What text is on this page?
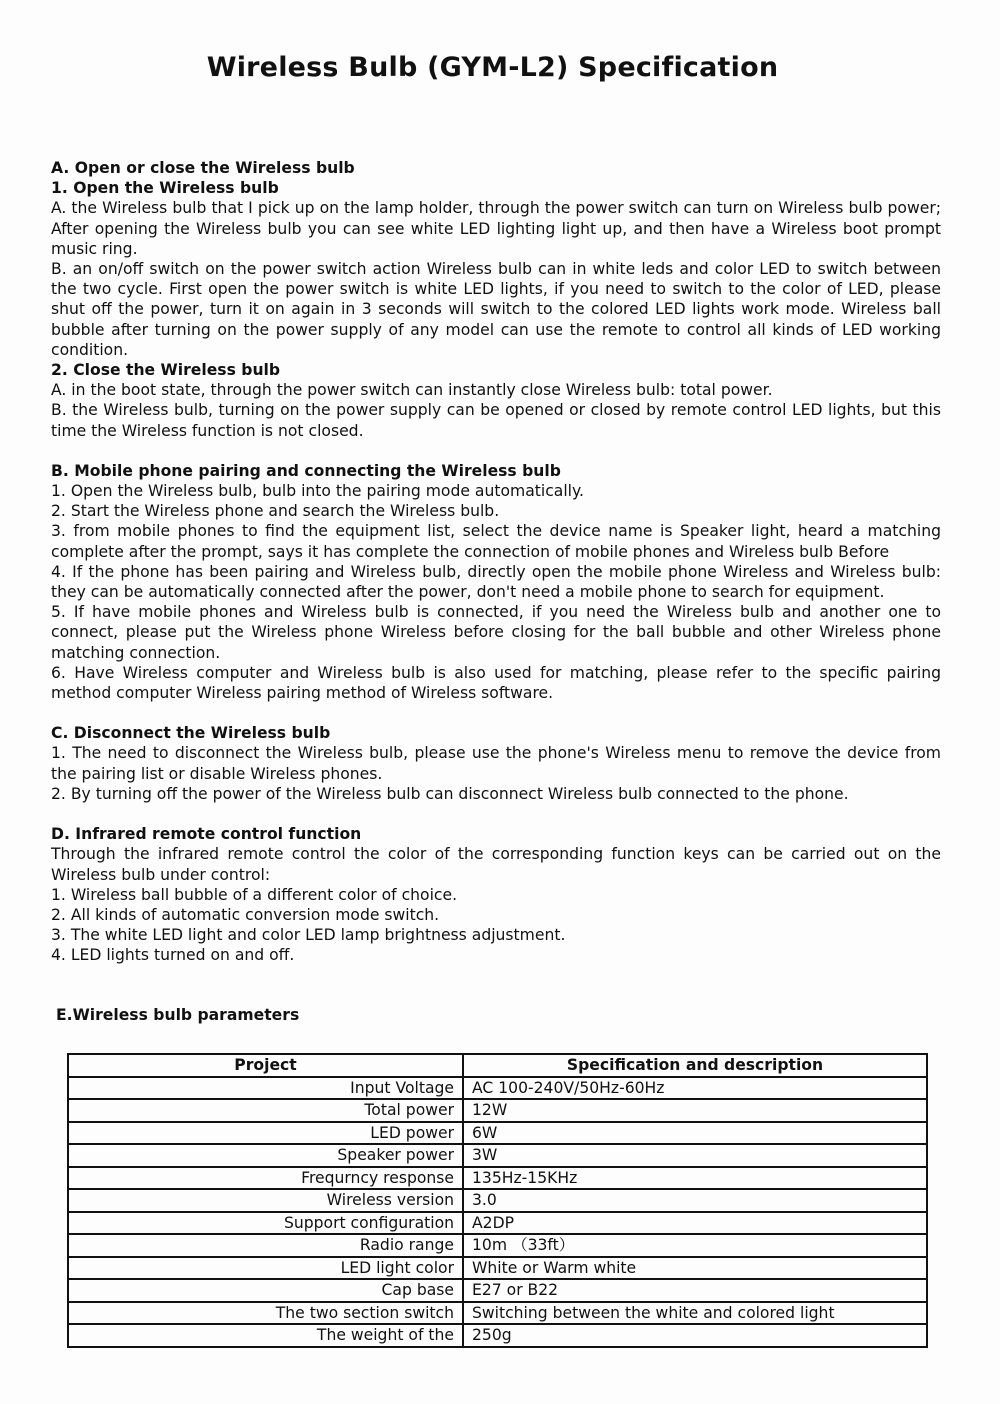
Wireless Bulb (GYM-L2) Specification

A. Open or close the Wireless bulb

1. Open the Wireless bulb

A. the Wireless bulb that I pick up on the lamp holder, through the power switch can turn on Wireless bulb power; After opening the Wireless bulb you can see white LED lighting light up, and then have a Wireless boot prompt music ring.

B. an on/off switch on the power switch action Wireless bulb can in white leds and color LED to switch between the two cycle. First open the power switch is white LED lights, if you need to switch to the color of LED, please shut off the power, turn it on again in 3 seconds will switch to the colored LED lights work mode. Wireless ball bubble after turning on the power supply of any model can use the remote to control all kinds of LED working condition.

2. Close the Wireless bulb

A. in the boot state, through the power switch can instantly close Wireless bulb: total power.

B. the Wireless bulb, turning on the power supply can be opened or closed by remote control LED lights, but this time the Wireless function is not closed.

B. Mobile phone pairing and connecting the Wireless bulb

1. Open the Wireless bulb, bulb into the pairing mode automatically.

2. Start the Wireless phone and search the Wireless bulb.

3. from mobile phones to find the equipment list, select the device name is Speaker light, heard a matching complete after the prompt, says it has complete the connection of mobile phones and Wireless bulb Before

4. If the phone has been pairing and Wireless bulb, directly open the mobile phone Wireless and Wireless bulb: they can be automatically connected after the power, don't need a mobile phone to search for equipment.

5. If have mobile phones and Wireless bulb is connected, if you need the Wireless bulb and another one to connect, please put the Wireless phone Wireless before closing for the ball bubble and other Wireless phone matching connection.

6. Have Wireless computer and Wireless bulb is also used for matching, please refer to the specific pairing method computer Wireless pairing method of Wireless software.

C. Disconnect the Wireless bulb

1. The need to disconnect the Wireless bulb, please use the phone's Wireless menu to remove the device from the pairing list or disable Wireless phones.

2. By turning off the power of the Wireless bulb can disconnect Wireless bulb connected to the phone.

D. Infrared remote control function

Through the infrared remote control the color of the corresponding function keys can be carried out on the Wireless bulb under control:

1. Wireless ball bubble of a different color of choice.

2. All kinds of automatic conversion mode switch.

3. The white LED light and color LED lamp brightness adjustment.

4. LED lights turned on and off.

E.Wireless bulb parameters

Project	Specification and description
Input Voltage	AC 100-240V/50Hz-60Hz
Total power	12W
LED power	6W
Speaker power	3W
Frequrncy response	135Hz-15KHz
Wireless version	3.0
Support configuration	A2DP
Radio range	10m （33ft）
LED light color	White or Warm white
Cap base	E27 or B22
The two section switch	Switching between the white and colored light
The weight of the	250g
